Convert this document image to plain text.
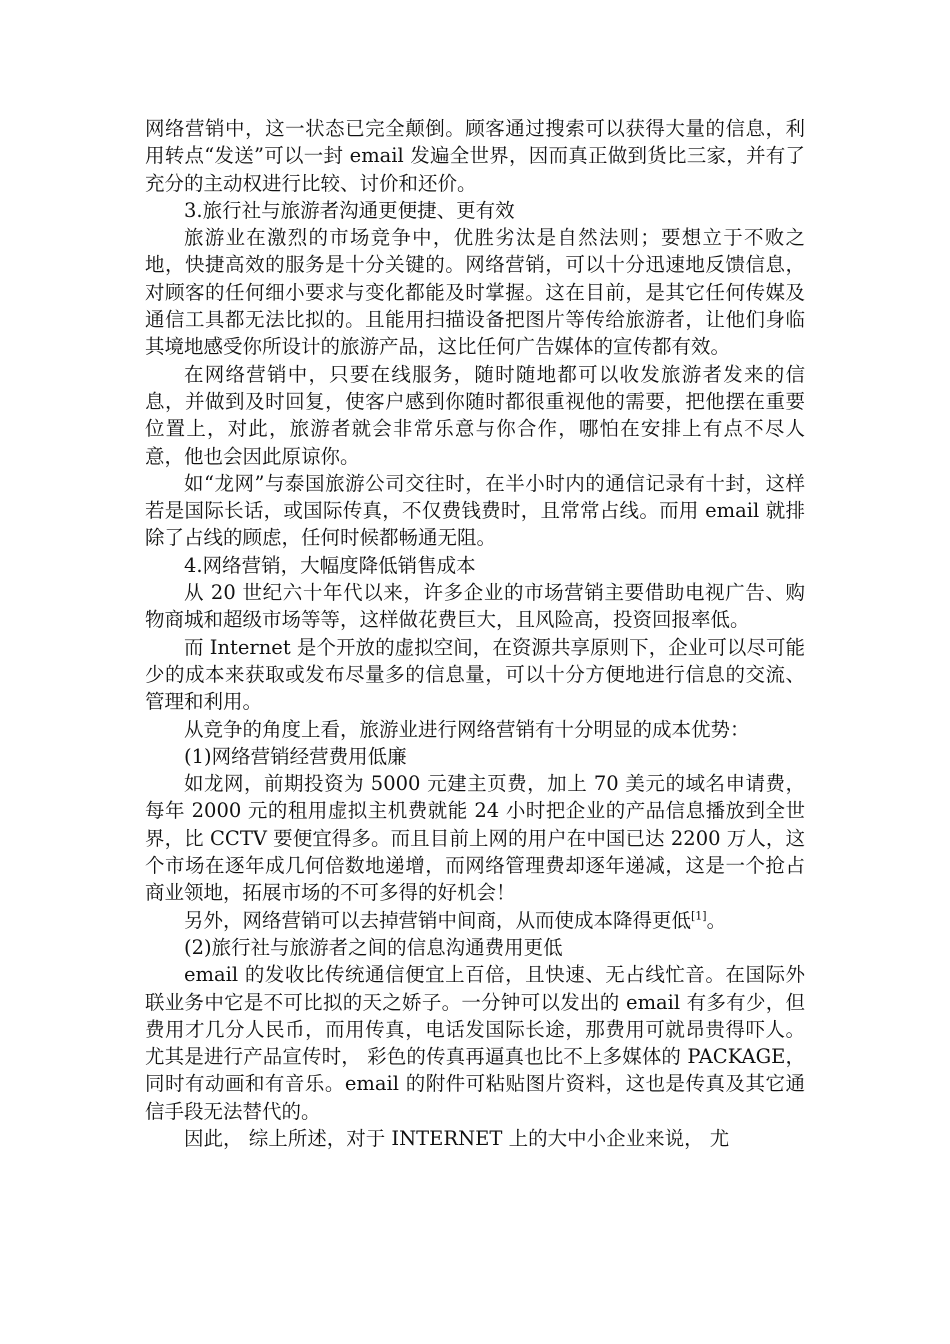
网络营销中，这一状态已完全颠倒。顾客通过搜索可以获得大量的信息，利用转点“发送”可以一封 email 发遍全世界，因而真正做到货比三家，并有了充分的主动权进行比较、讨价和还价。

3.旅行社与旅游者沟通更便捷、更有效

旅游业在激烈的市场竞争中，优胜劣汰是自然法则；要想立于不败之地，快捷高效的服务是十分关键的。网络营销，可以十分迅速地反馈信息，对顾客的任何细小要求与变化都能及时掌握。这在目前，是其它任何传媒及通信工具都无法比拟的。且能用扫描设备把图片等传给旅游者，让他们身临其境地感受你所设计的旅游产品，这比任何广告媒体的宣传都有效。

在网络营销中，只要在线服务，随时随地都可以收发旅游者发来的信息，并做到及时回复，使客户感到你随时都很重视他的需要，把他摆在重要位置上，对此，旅游者就会非常乐意与你合作，哪怕在安排上有点不尽人意，他也会因此原谅你。

如“龙网”与泰国旅游公司交往时，在半小时内的通信记录有十封，这样若是国际长话，或国际传真，不仅费钱费时，且常常占线。而用 email 就排除了占线的顾虑，任何时候都畅通无阻。

4.网络营销，大幅度降低销售成本

从 20 世纪六十年代以来，许多企业的市场营销主要借助电视广告、购物商城和超级市场等等，这样做花费巨大，且风险高，投资回报率低。

而 Internet 是个开放的虚拟空间，在资源共享原则下，企业可以尽可能少的成本来获取或发布尽量多的信息量，可以十分方便地进行信息的交流、管理和利用。

从竞争的角度上看，旅游业进行网络营销有十分明显的成本优势：

(1)网络营销经营费用低廉

如龙网，前期投资为 5000 元建主页费，加上 70 美元的域名申请费，每年 2000 元的租用虚拟主机费就能 24 小时把企业的产品信息播放到全世界，比 CCTV 要便宜得多。而且目前上网的用户在中国已达 2200 万人，这个市场在逐年成几何倍数地递增，而网络管理费却逐年递减，这是一个抢占商业领地，拓展市场的不可多得的好机会！

另外，网络营销可以去掉营销中间商，从而使成本降得更低[1]。

(2)旅行社与旅游者之间的信息沟通费用更低

email 的发收比传统通信便宜上百倍，且快速、无占线忙音。在国际外联业务中它是不可比拟的天之娇子。一分钟可以发出的 email 有多有少，但费用才几分人民币，而用传真，电话发国际长途，那费用可就昂贵得吓人。尤其是进行产品宣传时， 彩色的传真再逼真也比不上多媒体的 PACKAGE，同时有动画和有音乐。email 的附件可粘贴图片资料，这也是传真及其它通信手段无法替代的。

因此， 综上所述，对于 INTERNET 上的大中小企业来说， 尤
